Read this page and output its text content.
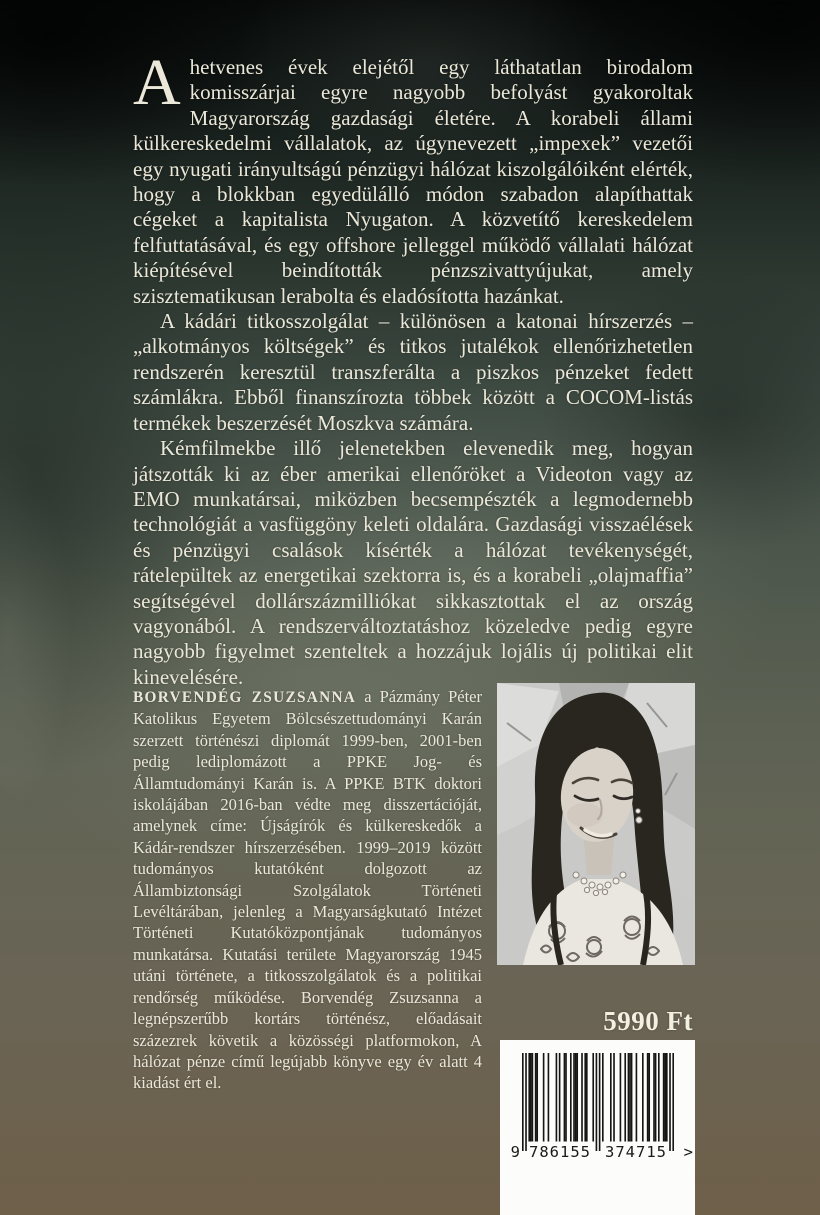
Ahetvenes évek elejétől egy láthatatlan birodalom komisszárjai egyre nagyobb befolyást gyakoroltak Magyarország gazdasági életére. A korabeli állami külkereskedelmi vállalatok, az úgynevezett „impexek” vezetői egy nyugati irányultságú pénzügyi hálózat kiszolgálóiként elérték, hogy a blokkban egyedülálló módon szabadon alapíthattak cégeket a kapitalista Nyugaton. A közvetítő kereskedelem felfuttatásával, és egy offshore jelleggel működő vállalati hálózat kiépítésével beindították pénzszivattyújukat, amely szisztematikusan lerabolta és eladósította hazánkat.

A kádári titkosszolgálat – különösen a katonai hírszerzés – „alkotmányos költségek” és titkos jutalékok ellenőrizhetetlen rendszerén keresztül transzferálta a piszkos pénzeket fedett számlákra. Ebből finanszírozta többek között a COCOM-listás termékek beszerzését Moszkva számára.

Kémfilmekbe illő jelenetekben elevenedik meg, hogyan játszották ki az éber amerikai ellenőröket a Videoton vagy az EMO munkatársai, miközben becsempészték a legmodernebb technológiát a vasfüggöny keleti oldalára. Gazdasági visszaélések és pénzügyi csalások kísérték a hálózat tevékenységét, rátelepültek az energetikai szektorra is, és a korabeli „olajmaffia” segítségével dollárszázmilliókat sikkasztottak el az ország vagyonából. A rendszerváltoztatáshoz közeledve pedig egyre nagyobb figyelmet szenteltek a hozzájuk lojális új politikai elit kinevelésére.

BORVENDÉG ZSUZSANNA a Pázmány Péter Katolikus Egyetem Bölcsészettudományi Karán szerzett történészi diplomát 1999-ben, 2001-ben pedig lediplomázott a PPKE Jog- és Államtudományi Karán is. A PPKE BTK doktori iskolájában 2016-ban védte meg disszertációját, amelynek címe: Újságírók és külkereskedők a Kádár-rendszer hírszerzésében. 1999–2019 között tudományos kutatóként dolgozott az Állambiztonsági Szolgálatok Történeti Levéltárában, jelenleg a Magyarságkutató Intézet Történeti Kutatóközpontjának tudományos munkatársa. Kutatási területe Magyarország 1945 utáni története, a titkosszolgálatok és a politikai rendőrség működése. Borvendég Zsuzsanna a legnépszerűbb kortárs történész, előadásait százezrek követik a közösségi platformokon, A hálózat pénze című legújabb könyve egy év alatt 4 kiadást ért el.
5990 Ft
9 786155 374715	>
